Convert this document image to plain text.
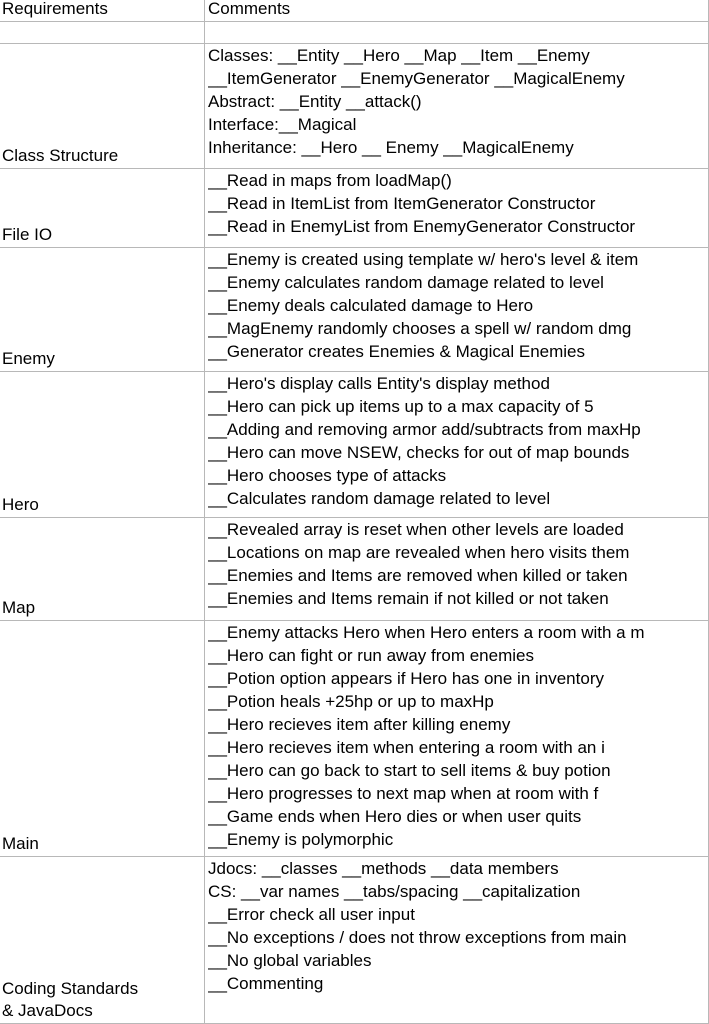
Requirements	Comments
Class Structure
Classes: __Entity __Hero __Map __Item __Enemy
__ItemGenerator __EnemyGenerator __MagicalEnemy
Abstract: __Entity __attack()
Interface:__Magical
Inheritance: __Hero __ Enemy __MagicalEnemy
File IO
__Read in maps from loadMap()
__Read in ItemList from ItemGenerator Constructor
__Read in EnemyList from EnemyGenerator Constructor
Enemy
__Enemy is created using template w/ hero's level & item
__Enemy calculates random damage related to level
__Enemy deals calculated damage to Hero
__MagEnemy randomly chooses a spell w/ random dmg
__Generator creates Enemies & Magical Enemies
Hero
__Hero's display calls Entity's display method
__Hero can pick up items up to a max capacity of 5
__Adding and removing armor add/subtracts from maxHp
__Hero can move NSEW, checks for out of map bounds
__Hero chooses type of attacks
__Calculates random damage related to level
Map
__Revealed array is reset when other levels are loaded
__Locations on map are revealed when hero visits them
__Enemies and Items are removed when killed or taken
__Enemies and Items remain if not killed or not taken
Main
__Enemy attacks Hero when Hero enters a room with a m
__Hero can fight or run away from enemies
__Potion option appears if Hero has one in inventory
__Potion heals +25hp or up to maxHp
__Hero recieves item after killing enemy
__Hero recieves item when entering a room with an i
__Hero can go back to start to sell items & buy potion
__Hero progresses to next map when at room with f
__Game ends when Hero dies or when user quits
__Enemy is polymorphic
Coding Standards
& JavaDocs
Jdocs: __classes __methods __data members
CS: __var names __tabs/spacing __capitalization
__Error check all user input
__No exceptions / does not throw exceptions from main
__No global variables
__Commenting
